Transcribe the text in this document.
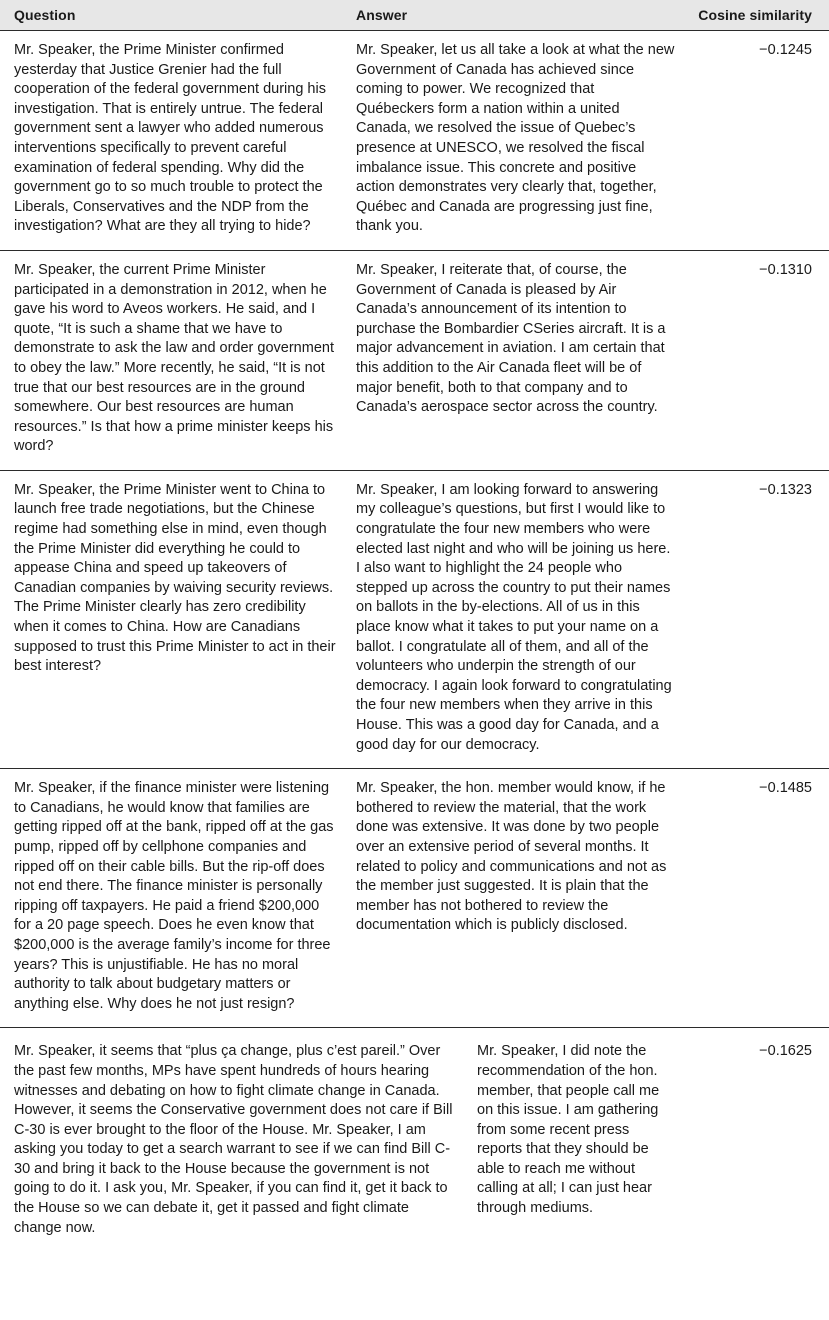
Question	Answer	Cosine similarity
Mr. Speaker, the Prime Minister confirmed yesterday that Justice Grenier had the full cooperation of the federal government during his investigation. That is entirely untrue. The federal government sent a lawyer who added numerous interventions specifically to prevent careful examination of federal spending. Why did the government go to so much trouble to protect the Liberals, Conservatives and the NDP from the investigation? What are they all trying to hide?
Mr. Speaker, let us all take a look at what the new Government of Canada has achieved since coming to power. We recognized that Québeckers form a nation within a united Canada, we resolved the issue of Quebec’s presence at UNESCO, we resolved the fiscal imbalance issue. This concrete and positive action demonstrates very clearly that, together, Québec and Canada are progressing just fine, thank you.
−0.1245
Mr. Speaker, the current Prime Minister participated in a demonstration in 2012, when he gave his word to Aveos workers. He said, and I quote, “It is such a shame that we have to demonstrate to ask the law and order government to obey the law.” More recently, he said, “It is not true that our best resources are in the ground somewhere. Our best resources are human resources.” Is that how a prime minister keeps his word?
Mr. Speaker, I reiterate that, of course, the Government of Canada is pleased by Air Canada’s announcement of its intention to purchase the Bombardier CSeries aircraft. It is a major advancement in aviation. I am certain that this addition to the Air Canada fleet will be of major benefit, both to that company and to Canada’s aerospace sector across the country.
−0.1310
Mr. Speaker, the Prime Minister went to China to launch free trade negotiations, but the Chinese regime had something else in mind, even though the Prime Minister did everything he could to appease China and speed up takeovers of Canadian companies by waiving security reviews. The Prime Minister clearly has zero credibility when it comes to China. How are Canadians supposed to trust this Prime Minister to act in their best interest?
Mr. Speaker, I am looking forward to answering my colleague’s questions, but first I would like to congratulate the four new members who were elected last night and who will be joining us here. I also want to highlight the 24 people who stepped up across the country to put their names on ballots in the by-elections. All of us in this place know what it takes to put your name on a ballot. I congratulate all of them, and all of the volunteers who underpin the strength of our democracy. I again look forward to congratulating the four new members when they arrive in this House. This was a good day for Canada, and a good day for our democracy.
−0.1323
Mr. Speaker, if the finance minister were listening to Canadians, he would know that families are getting ripped off at the bank, ripped off at the gas pump, ripped off by cellphone companies and ripped off on their cable bills. But the rip-off does not end there. The finance minister is personally ripping off taxpayers. He paid a friend $200,000 for a 20 page speech. Does he even know that $200,000 is the average family’s income for three years? This is unjustifiable. He has no moral authority to talk about budgetary matters or anything else. Why does he not just resign?
Mr. Speaker, the hon. member would know, if he bothered to review the material, that the work done was extensive. It was done by two people over an extensive period of several months. It related to policy and communications and not as the member just suggested. It is plain that the member has not bothered to review the documentation which is publicly disclosed.
−0.1485
Mr. Speaker, it seems that “plus ça change, plus c’est pareil.” Over the past few months, MPs have spent hundreds of hours hearing witnesses and debating on how to fight climate change in Canada. However, it seems the Conservative government does not care if Bill C-30 is ever brought to the floor of the House. Mr. Speaker, I am asking you today to get a search warrant to see if we can find Bill C-30 and bring it back to the House because the government is not going to do it. I ask you, Mr. Speaker, if you can find it, get it back to the House so we can debate it, get it passed and fight climate change now.
Mr. Speaker, I did note the recommendation of the hon. member, that people call me on this issue. I am gathering from some recent press reports that they should be able to reach me without calling at all; I can just hear through mediums.
−0.1625
